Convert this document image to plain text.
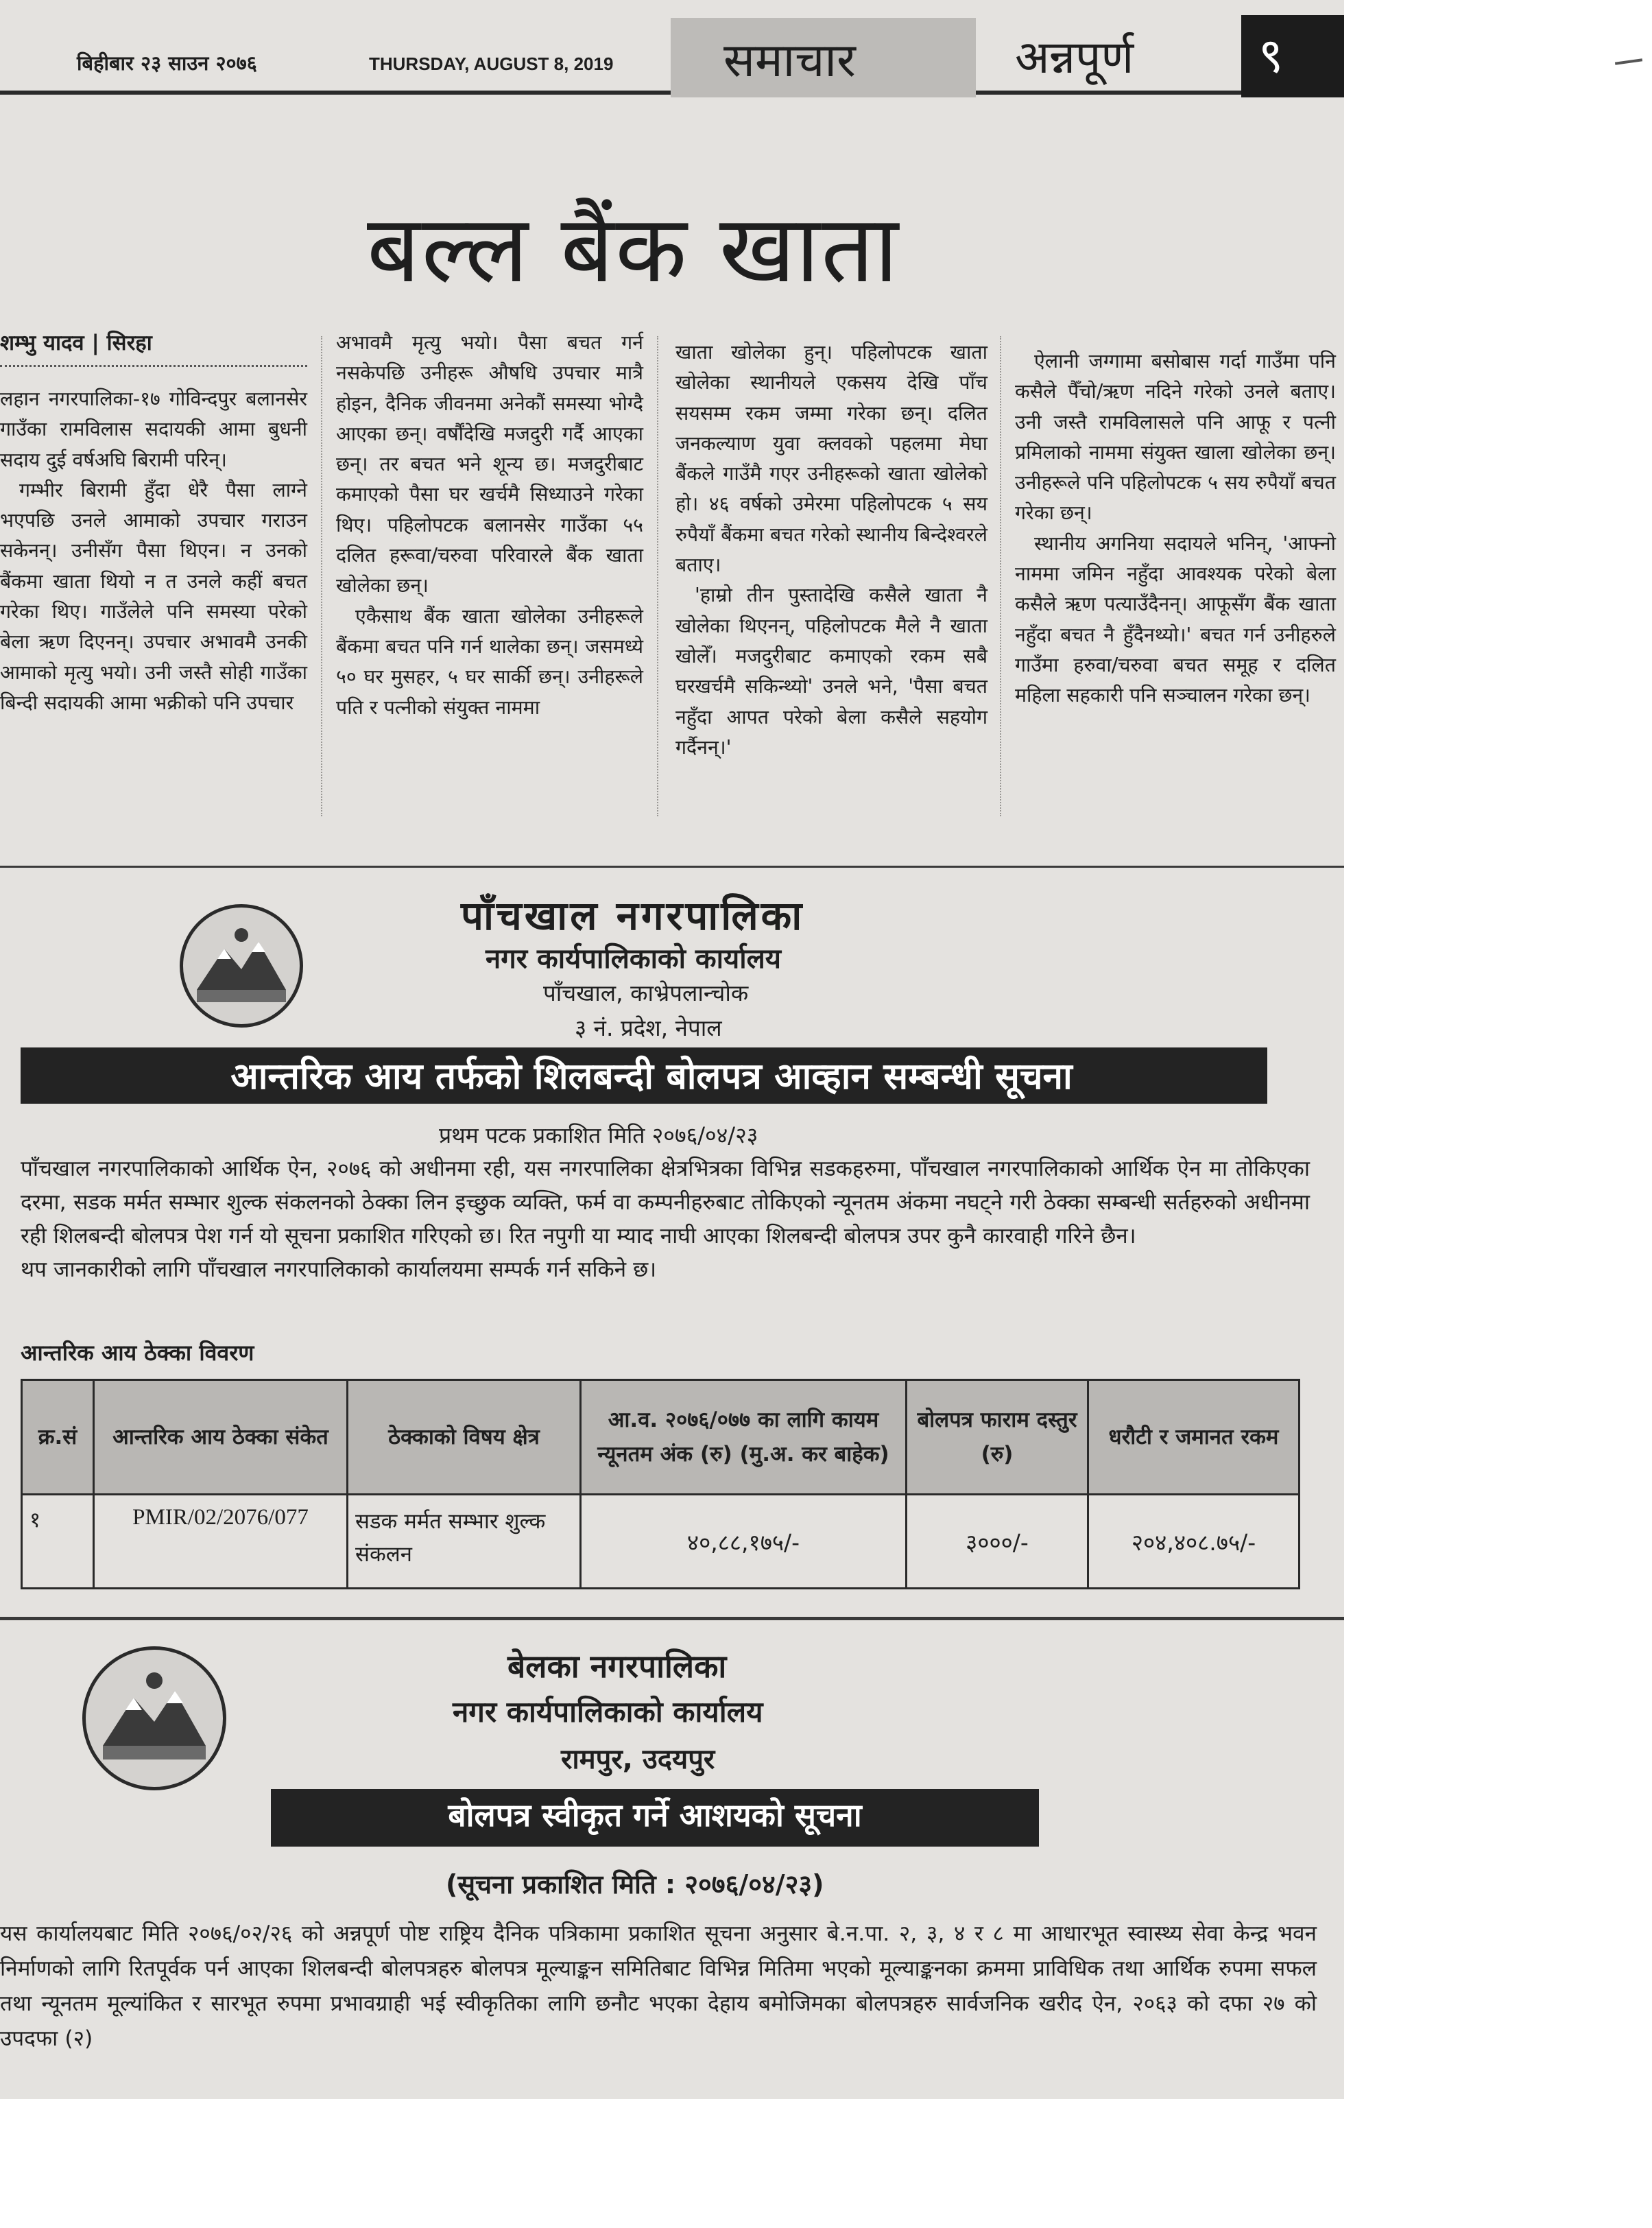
बिहीबार २३ साउन २०७६	THURSDAY, AUGUST 8, 2019 समाचार	अन्नपूर्ण	९
बल्ल बैंक खाता
शम्भु यादव | सिरहा

लहान नगरपालिका-१७ गोविन्दपुर बलानसेर गाउँका रामविलास सदायकी आमा बुधनी सदाय दुई वर्षअघि बिरामी परिन्।

गम्भीर बिरामी हुँदा धेरै पैसा लाग्ने भएपछि उनले आमाको उपचार गराउन सकेनन्। उनीसँग पैसा थिएन। न उनको बैंकमा खाता थियो न त उनले कहीं बचत गरेका थिए। गाउँलेले पनि समस्या परेको बेला ऋण दिएनन्। उपचार अभावमै उनकी आमाको मृत्यु भयो। उनी जस्तै सोही गाउँका बिन्दी सदायकी आमा भक्रीको पनि उपचार

अभावमै मृत्यु भयो। पैसा बचत गर्न नसकेपछि उनीहरू औषधि उपचार मात्रै होइन, दैनिक जीवनमा अनेकौं समस्या भोग्दै आएका छन्। वर्षौंदेखि मजदुरी गर्दै आएका छन्। तर बचत भने शून्य छ। मजदुरीबाट कमाएको पैसा घर खर्चमै सिध्याउने गरेका थिए। पहिलोपटक बलानसेर गाउँका ५५ दलित हरूवा/चरुवा परिवारले बैंक खाता खोलेका छन्।

एकैसाथ बैंक खाता खोलेका उनीहरूले बैंकमा बचत पनि गर्न थालेका छन्। जसमध्ये ५० घर मुसहर, ५ घर सार्की छन्। उनीहरूले पति र पत्नीको संयुक्त नाममा

खाता खोलेका हुन्। पहिलोपटक खाता खोलेका स्थानीयले एकसय देखि पाँच सयसम्म रकम जम्मा गरेका छन्। दलित जनकल्याण युवा क्लवको पहलमा मेघा बैंकले गाउँमै गएर उनीहरूको खाता खोलेको हो। ४६ वर्षको उमेरमा पहिलोपटक ५ सय रुपैयाँ बैंकमा बचत गरेको स्थानीय बिन्देश्वरले बताए।

'हाम्रो तीन पुस्तादेखि कसैले खाता नै खोलेका थिएनन्, पहिलोपटक मैले नै खाता खोलेँ। मजदुरीबाट कमाएको रकम सबै घरखर्चमै सकिन्थ्यो' उनले भने, 'पैसा बचत नहुँदा आपत परेको बेला कसैले सहयोग गर्दैनन्।'

ऐलानी जग्गामा बसोबास गर्दा गाउँमा पनि कसैले पैँचो/ऋण नदिने गरेको उनले बताए। उनी जस्तै रामविलासले पनि आफू र पत्नी प्रमिलाको नाममा संयुक्त खाला खोलेका छन्। उनीहरूले पनि पहिलोपटक ५ सय रुपैयाँ बचत गरेका छन्।

स्थानीय अगनिया सदायले भनिन्, 'आफ्नो नाममा जमिन नहुँदा आवश्यक परेको बेला कसैले ऋण पत्याउँदैनन्। आफूसँग बैंक खाता नहुँदा बचत नै हुँदैनथ्यो।' बचत गर्न उनीहरुले गाउँमा हरुवा/चरुवा बचत समूह र दलित महिला सहकारी पनि सञ्चालन गरेका छन्।

पाँचखाल नगरपालिका
नगर कार्यपालिकाको कार्यालय
पाँचखाल, काभ्रेपलान्चोक
३ नं. प्रदेश, नेपाल
आन्तरिक आय तर्फको शिलबन्दी बोलपत्र आव्हान सम्बन्धी सूचना
प्रथम पटक प्रकाशित मिति २०७६/०४/२३

पाँचखाल नगरपालिकाको आर्थिक ऐन, २०७६ को अधीनमा रही, यस नगरपालिका क्षेत्रभित्रका विभिन्न सडकहरुमा, पाँचखाल नगरपालिकाको आर्थिक ऐन मा तोकिएका दरमा, सडक मर्मत सम्भार शुल्क संकलनको ठेक्का लिन इच्छुक व्यक्ति, फर्म वा कम्पनीहरुबाट तोकिएको न्यूनतम अंकमा नघट्ने गरी ठेक्का सम्बन्धी सर्तहरुको अधीनमा रही शिलबन्दी बोलपत्र पेश गर्न यो सूचना प्रकाशित गरिएको छ। रित नपुगी या म्याद नाघी आएका शिलबन्दी बोलपत्र उपर कुनै कारवाही गरिने छैन।

थप जानकारीको लागि पाँचखाल नगरपालिकाको कार्यालयमा सम्पर्क गर्न सकिने छ।

आन्तरिक आय ठेक्का विवरण
क्र.सं	आन्तरिक आय ठेक्का संकेत	ठेक्काको विषय क्षेत्र	आ.व. २०७६/०७७ का लागि कायम न्यूनतम अंक (रु) (मु.अ. कर बाहेक)	बोलपत्र फाराम दस्तुर (रु)	धरौटी र जमानत रकम
१	PMIR/02/2076/077	सडक मर्मत सम्भार शुल्क संकलन	४०,८८,१७५/-	३०००/-	२०४,४०८.७५/-
बेलका नगरपालिका
नगर कार्यपालिकाको कार्यालय
रामपुर, उदयपुर
बोलपत्र स्वीकृत गर्ने आशयको सूचना
(सूचना प्रकाशित मिति : २०७६/०४/२३)

यस कार्यालयबाट मिति २०७६/०२/२६ को अन्नपूर्ण पोष्ट राष्ट्रिय दैनिक पत्रिकामा प्रकाशित सूचना अनुसार बे.न.पा. २, ३, ४ र ८ मा आधारभूत स्वास्थ्य सेवा केन्द्र भवन निर्माणको लागि रितपूर्वक पर्न आएका शिलबन्दी बोलपत्रहरु बोलपत्र मूल्याङ्कन समितिबाट विभिन्न मितिमा भएको मूल्याङ्कनका क्रममा प्राविधिक तथा आर्थिक रुपमा सफल तथा न्यूनतम मूल्यांकित र सारभूत रुपमा प्रभावग्राही भई स्वीकृतिका लागि छनौट भएका देहाय बमोजिमका बोलपत्रहरु सार्वजनिक खरीद ऐन, २०६३ को दफा २७ को उपदफा (२)
